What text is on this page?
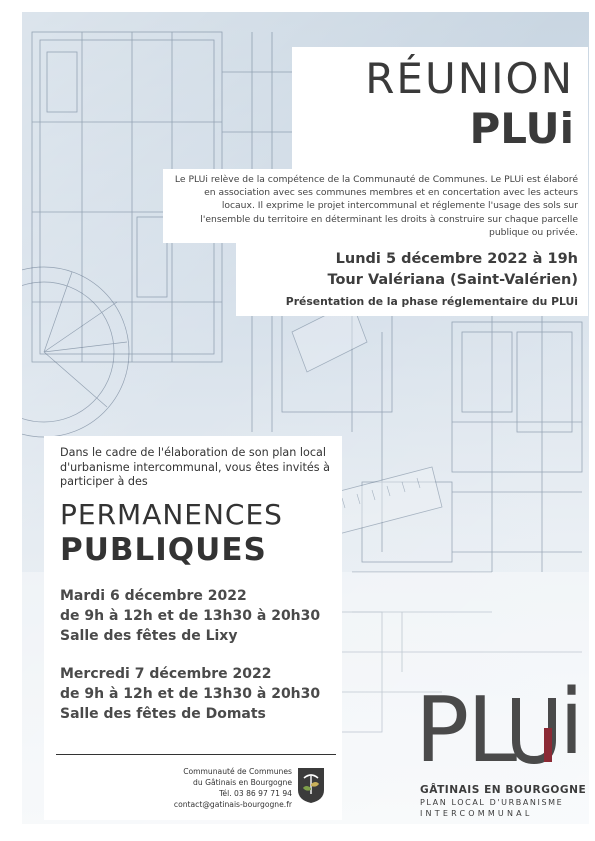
RÉUNION
PLUi

Le PLUi relève de la compétence de la Communauté de Communes. Le PLUi est élaboré en association avec ses communes membres et en concertation avec les acteurs locaux. Il exprime le projet intercommunal et réglemente l'usage des sols sur l'ensemble du territoire en déterminant les droits à construire sur chaque parcelle publique ou privée.

Lundi 5 décembre 2022 à 19h

Tour Valériana (Saint-Valérien)

Présentation de la phase réglementaire du PLUi

Dans le cadre de l'élaboration de son plan local d'urbanisme intercommunal, vous êtes invités à participer à des

PERMANENCES
PUBLIQUES

Mardi 6 décembre 2022

de 9h à 12h et de 13h30 à 20h30

Salle des fêtes de Lixy

Mercredi 7 décembre 2022

de 9h à 12h et de 13h30 à 20h30

Salle des fêtes de Domats

Communauté de Communes
du Gâtinais en Bourgogne
Tél. 03 86 97 71 94
contact@gatinais-bourgogne.fr
P
L i

GÂTINAIS EN BOURGOGNE

PLAN LOCAL D'URBANISME

INTERCOMMUNAL
